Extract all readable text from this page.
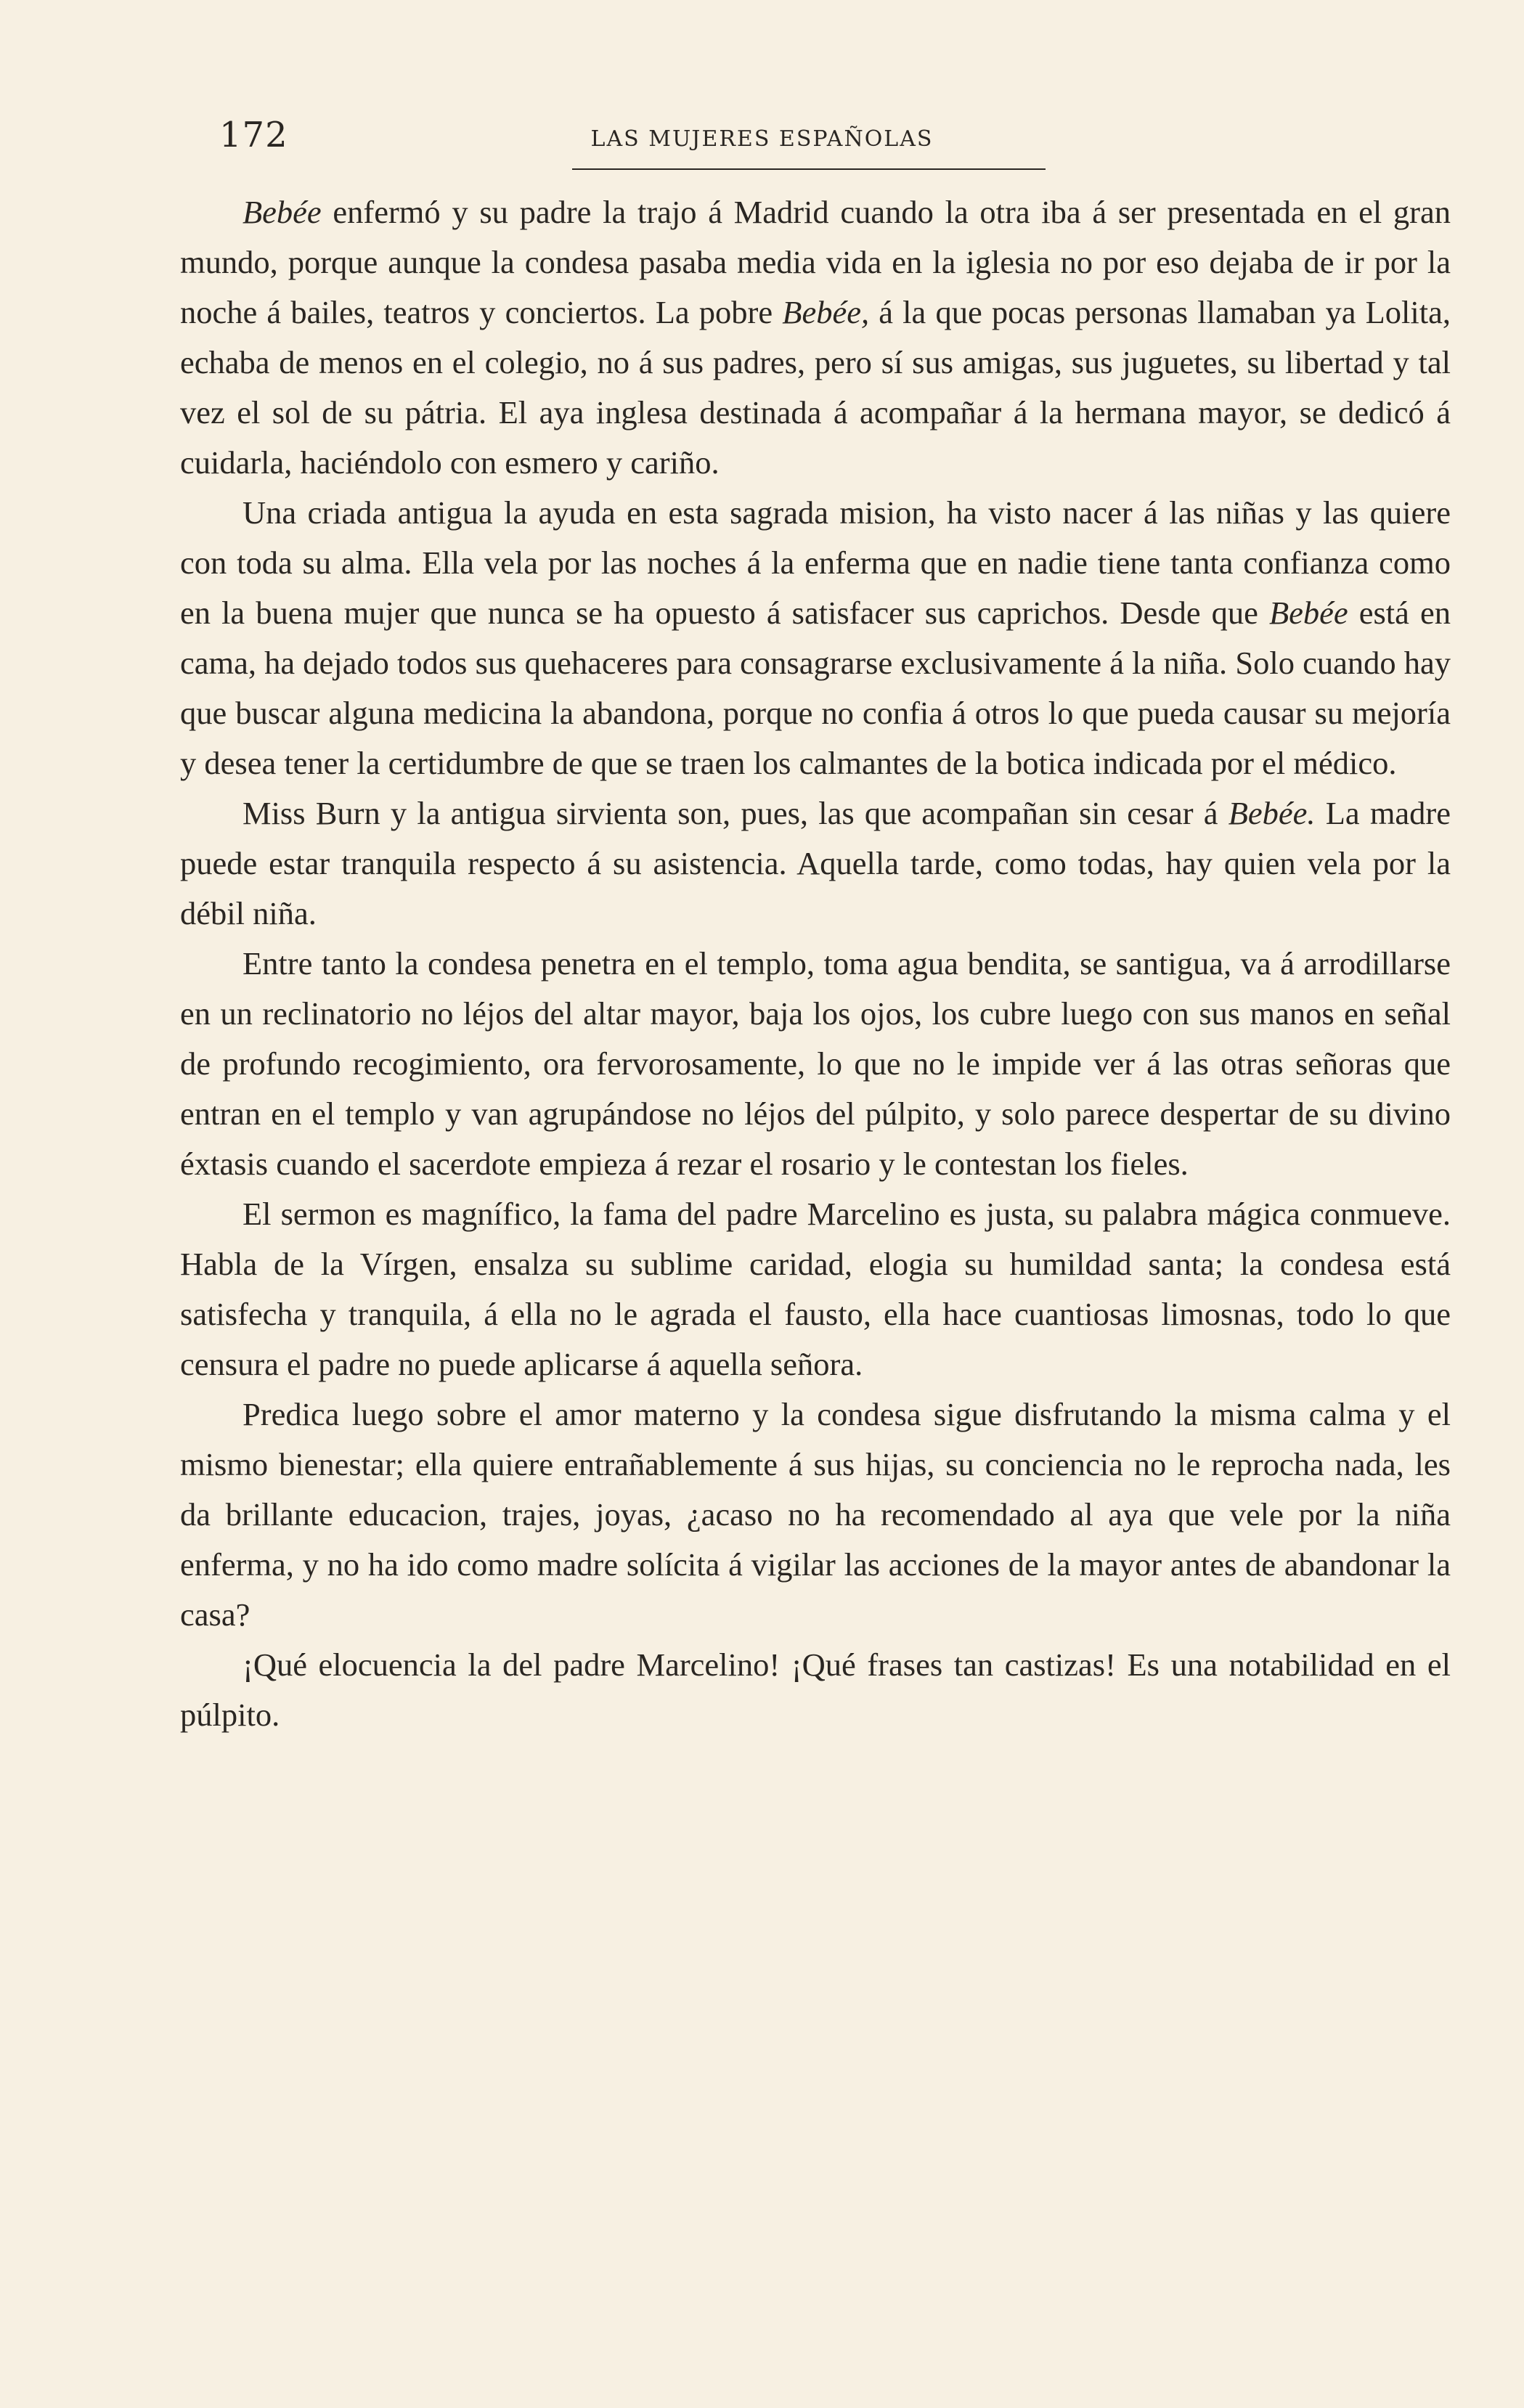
172	LAS MUJERES ESPAÑOLAS

Bebée enfermó y su padre la trajo á Madrid cuando la otra iba á ser presentada en el gran mundo, porque aunque la condesa pasaba media vida en la iglesia no por eso dejaba de ir por la noche á bailes, teatros y conciertos. La pobre Bebée, á la que pocas personas llamaban ya Lolita, echaba de menos en el colegio, no á sus padres, pero sí sus amigas, sus juguetes, su libertad y tal vez el sol de su pátria. El aya inglesa destinada á acompañar á la hermana mayor, se dedicó á cuidarla, haciéndolo con esmero y cariño.

Una criada antigua la ayuda en esta sagrada mision, ha visto nacer á las niñas y las quiere con toda su alma. Ella vela por las noches á la enferma que en nadie tiene tanta confianza como en la buena mujer que nunca se ha opuesto á satisfacer sus caprichos. Desde que Bebée está en cama, ha dejado todos sus quehaceres para consagrarse exclusivamente á la niña. Solo cuando hay que buscar alguna medicina la abandona, porque no confia á otros lo que pueda causar su mejoría y desea tener la certidumbre de que se traen los calmantes de la botica indicada por el médico.

Miss Burn y la antigua sirvienta son, pues, las que acompañan sin cesar á Bebée. La madre puede estar tranquila respecto á su asistencia. Aquella tarde, como todas, hay quien vela por la débil niña.

Entre tanto la condesa penetra en el templo, toma agua bendita, se santigua, va á arrodillarse en un reclinatorio no léjos del altar mayor, baja los ojos, los cubre luego con sus manos en señal de profundo recogimiento, ora fervorosamente, lo que no le impide ver á las otras señoras que entran en el templo y van agrupándose no léjos del púlpito, y solo parece despertar de su divino éxtasis cuando el sacerdote empieza á rezar el rosario y le contestan los fieles.

El sermon es magnífico, la fama del padre Marcelino es justa, su palabra mágica conmueve. Habla de la Vírgen, ensalza su sublime caridad, elogia su humildad santa; la condesa está satisfecha y tranquila, á ella no le agrada el fausto, ella hace cuantiosas limosnas, todo lo que censura el padre no puede aplicarse á aquella señora.

Predica luego sobre el amor materno y la condesa sigue disfrutando la misma calma y el mismo bienestar; ella quiere entrañablemente á sus hijas, su conciencia no le reprocha nada, les da brillante educacion, trajes, joyas, ¿acaso no ha recomendado al aya que vele por la niña enferma, y no ha ido como madre solícita á vigilar las acciones de la mayor antes de abandonar la casa?

¡Qué elocuencia la del padre Marcelino! ¡Qué frases tan castizas! Es una notabilidad en el púlpito.
